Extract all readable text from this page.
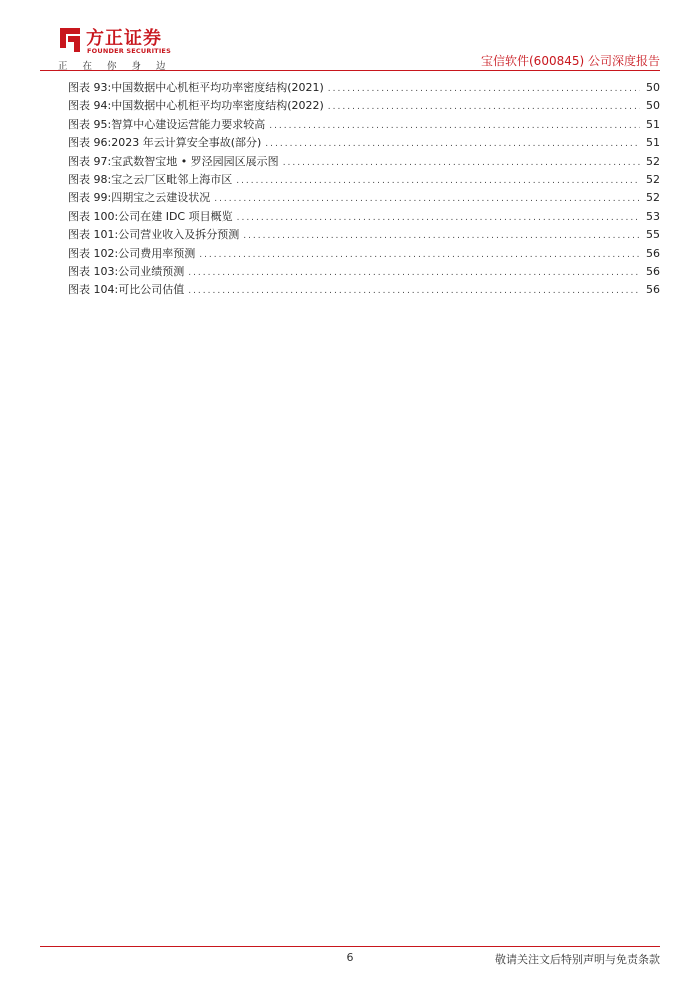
方正证券
FOUNDER SECURITIES
正在你身边	宝信软件(600845) 公司深度报告
图表 93: 中国数据中心机柜平均功率密度结构(2021) .....	50
图表 94: 中国数据中心机柜平均功率密度结构(2022) .....	50
图表 95: 智算中心建设运营能力要求较高 .....	51
图表 96: 2023 年云计算安全事故(部分) .....	51
图表 97: 宝武数智宝地 • 罗泾园园区展示图 .....	52
图表 98: 宝之云厂区毗邻上海市区 .....	52
图表 99: 四期宝之云建设状况 .....	52
图表 100: 公司在建 IDC 项目概览 .....	53
图表 101: 公司营业收入及拆分预测 .....	55
图表 102: 公司费用率预测 .....	56
图表 103: 公司业绩预测 .....	56
图表 104: 可比公司估值 .....	56
6	敬请关注文后特别声明与免责条款
